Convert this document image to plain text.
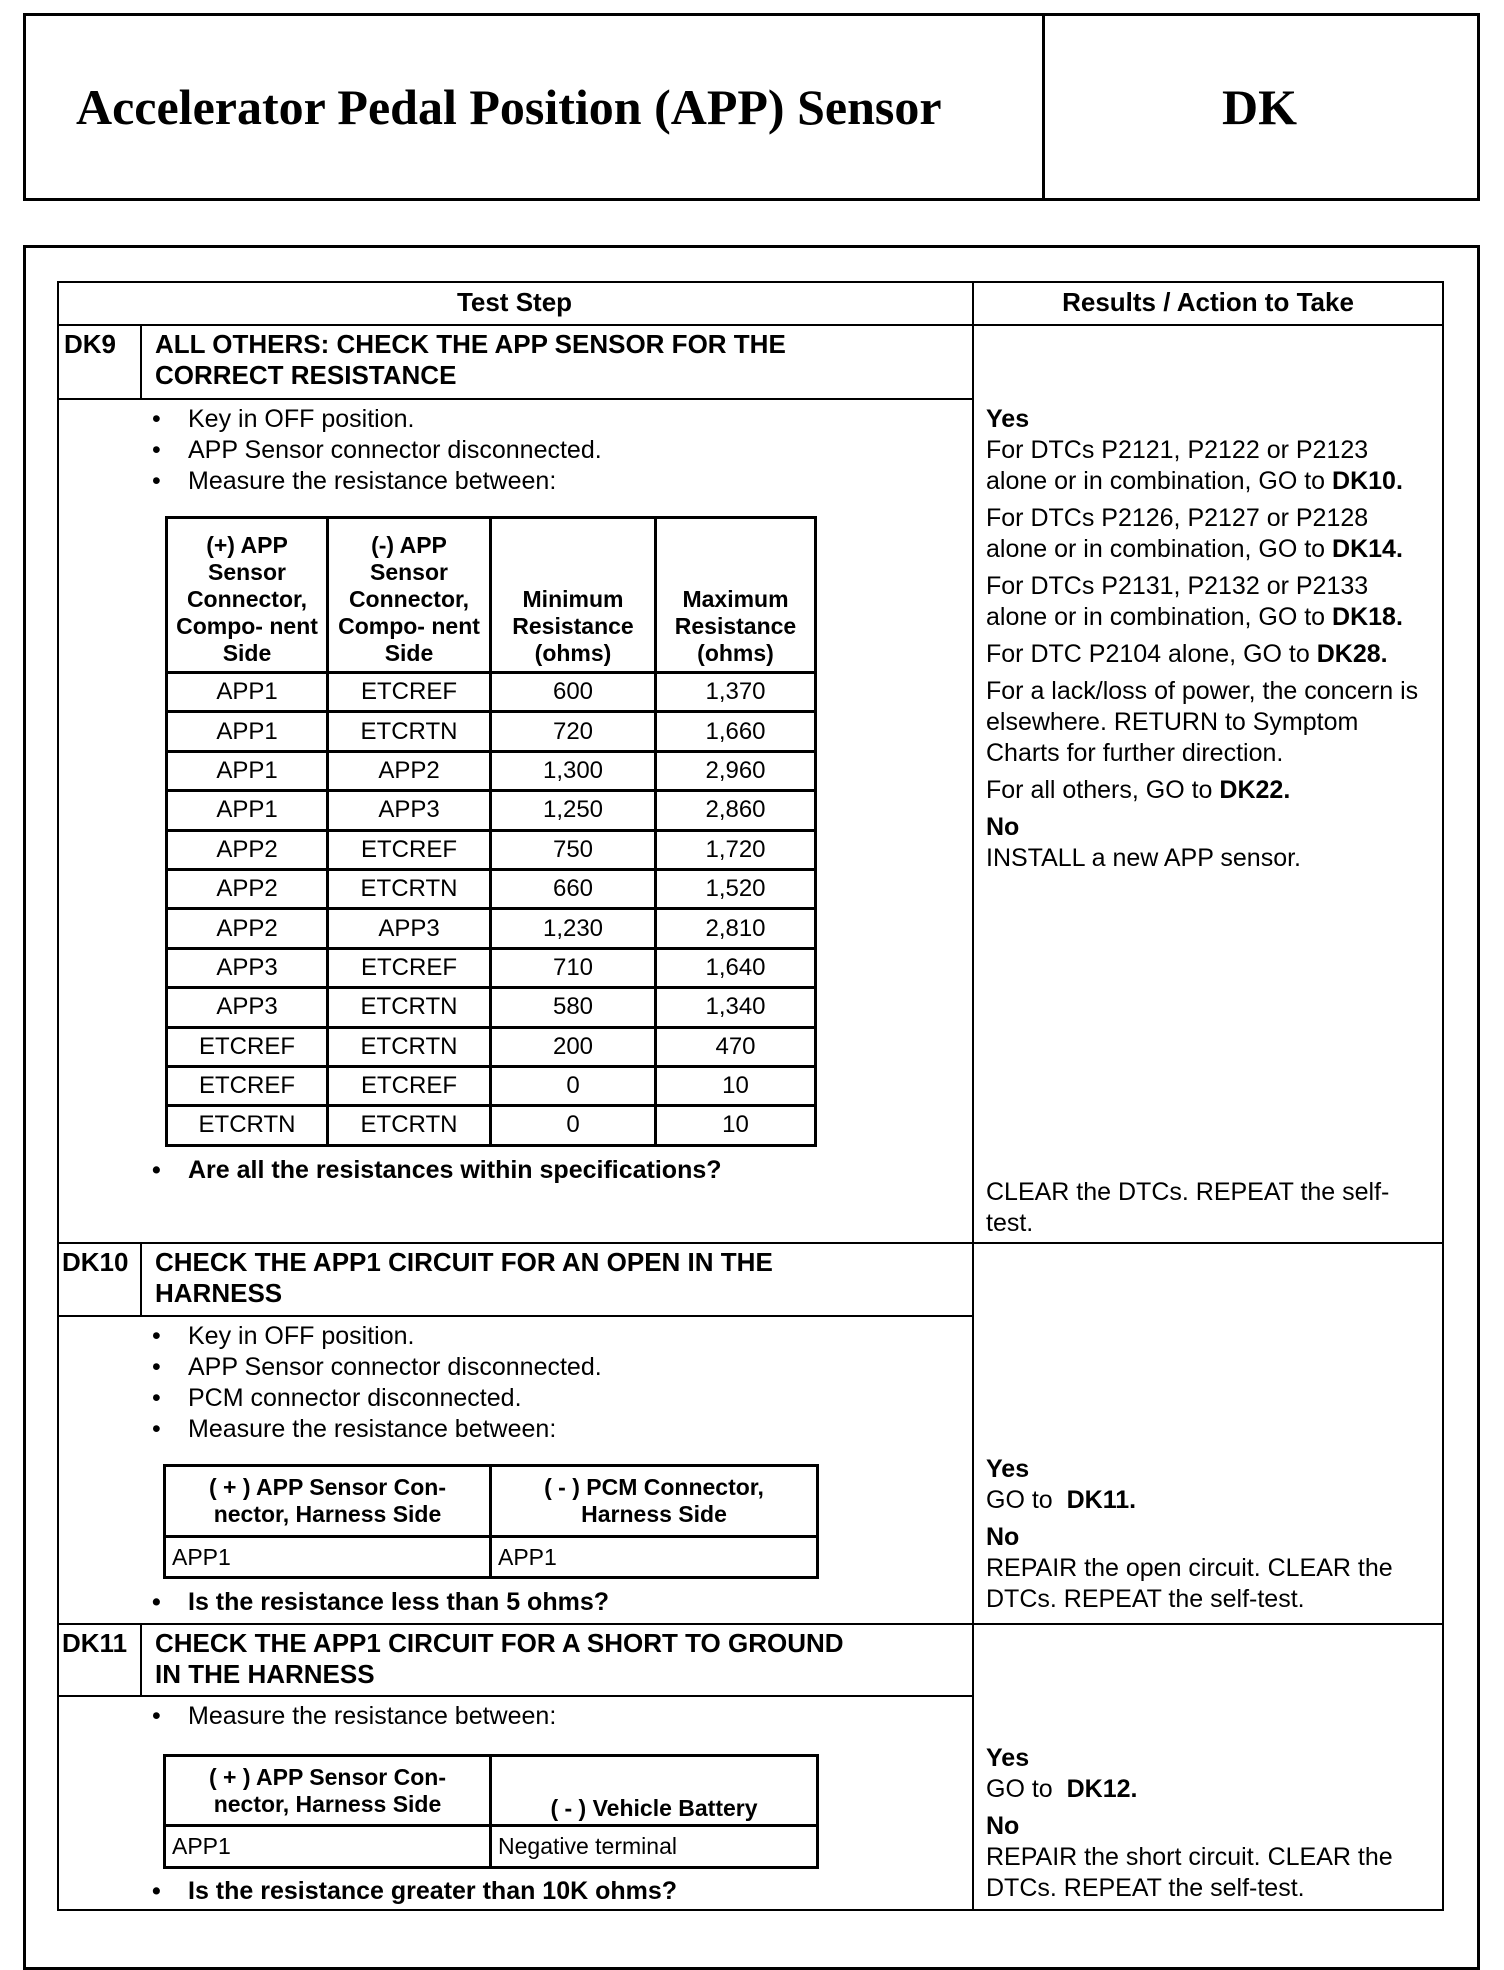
Accelerator Pedal Position (APP) Sensor	DK
Test Step	Results / Action to Take
DK9 ALL OTHERS: CHECK THE APP SENSOR FOR THE
CORRECT RESISTANCE
• Key in OFF position.
• APP Sensor connector disconnected.
• Measure the resistance between:
(+) APP Sensor Connector, Compo- nent Side	(-) APP Sensor Connector, Compo- nent Side	Minimum Resistance (ohms)	Maximum Resistance (ohms)
APP1	ETCREF	600	1,370
APP1	ETCRTN	720	1,660
APP1	APP2	1,300	2,960
APP1	APP3	1,250	2,860
APP2	ETCREF	750	1,720
APP2	ETCRTN	660	1,520
APP2	APP3	1,230	2,810
APP3	ETCREF	710	1,640
APP3	ETCRTN	580	1,340
ETCREF	ETCRTN	200	470
ETCREF	ETCREF	0	10
ETCRTN	ETCRTN	0	10
• Are all the resistances within specifications?

Yes
For DTCs P2121, P2122 or P2123 alone or in combination, GO to DK10.

For DTCs P2126, P2127 or P2128 alone or in combination, GO to DK14.

For DTCs P2131, P2132 or P2133 alone or in combination, GO to DK18.

For DTC P2104 alone, GO to DK28.

For a lack/loss of power, the concern is elsewhere. RETURN to Symptom Charts for further direction.

For all others, GO to DK22.

No
INSTALL a new APP sensor.

CLEAR the DTCs. REPEAT the self-test.
DK10 CHECK THE APP1 CIRCUIT FOR AN OPEN IN THE
HARNESS
• Key in OFF position.
• APP Sensor connector disconnected.
• PCM connector disconnected.
• Measure the resistance between:
( + ) APP Sensor Con- nector, Harness Side	( - ) PCM Connector, Harness Side
APP1	APP1
• Is the resistance less than 5 ohms?

Yes
GO to DK11.

No
REPAIR the open circuit. CLEAR the DTCs. REPEAT the self-test.

DK11 CHECK THE APP1 CIRCUIT FOR A SHORT TO GROUND
IN THE HARNESS
• Measure the resistance between:
( + ) APP Sensor Con- nector, Harness Side	( - ) Vehicle Battery
APP1	Negative terminal
• Is the resistance greater than 10K ohms?

Yes
GO to DK12.

No
REPAIR the short circuit. CLEAR the DTCs. REPEAT the self-test.
